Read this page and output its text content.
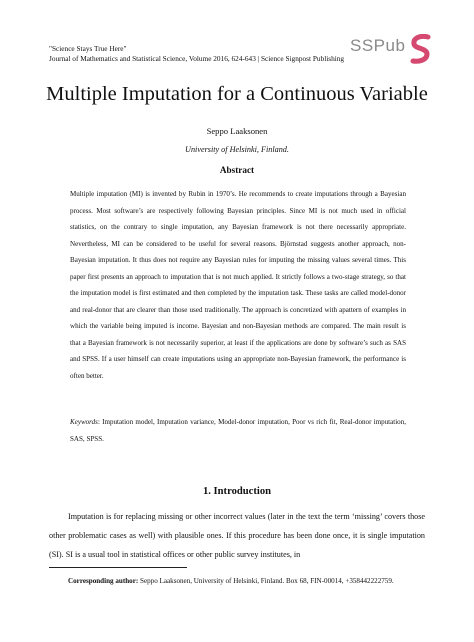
"Science Stays True Here"
Journal of Mathematics and Statistical Science, Volume 2016, 624-643 | Science Signpost Publishing
SSPub
Multiple Imputation for a Continuous Variable
Seppo Laaksonen
University of Helsinki, Finland.
Abstract

Multiple imputation (MI) is invented by Rubin in 1970’s. He recommends to create imputations through a Bayesian process. Most software’s are respectively following Bayesian principles. Since MI is not much used in official statistics, on the contrary to single imputation, any Bayesian framework is not there necessarily appropriate. Nevertheless, MI can be considered to be useful for several reasons. Björnstad suggests another approach, non-Bayesian imputation. It thus does not require any Bayesian rules for imputing the missing values several times. This paper first presents an approach to imputation that is not much applied. It strictly follows a two-stage strategy, so that the imputation model is first estimated and then completed by the imputation task. These tasks are called model-donor and real-donor that are clearer than those used traditionally. The approach is concretized with apattern of examples in which the variable being imputed is income. Bayesian and non-Bayesian methods are compared. The main result is that a Bayesian framework is not necessarily superior, at least if the applications are done by software’s such as SAS and SPSS. If a user himself can create imputations using an appropriate non-Bayesian framework, the performance is often better.

Keywords: Imputation model, Imputation variance, Model-donor imputation, Poor vs rich fit, Real-donor imputation, SAS, SPSS.

1. Introduction

Imputation is for replacing missing or other incorrect values (later in the text the term ‘missing’ covers those other problematic cases as well) with plausible ones. If this procedure has been done once, it is single imputation (SI). SI is a usual tool in statistical offices or other public survey institutes, in

Corresponding author: Seppo Laaksonen, University of Helsinki, Finland. Box 68, FIN-00014, +358442222759.
